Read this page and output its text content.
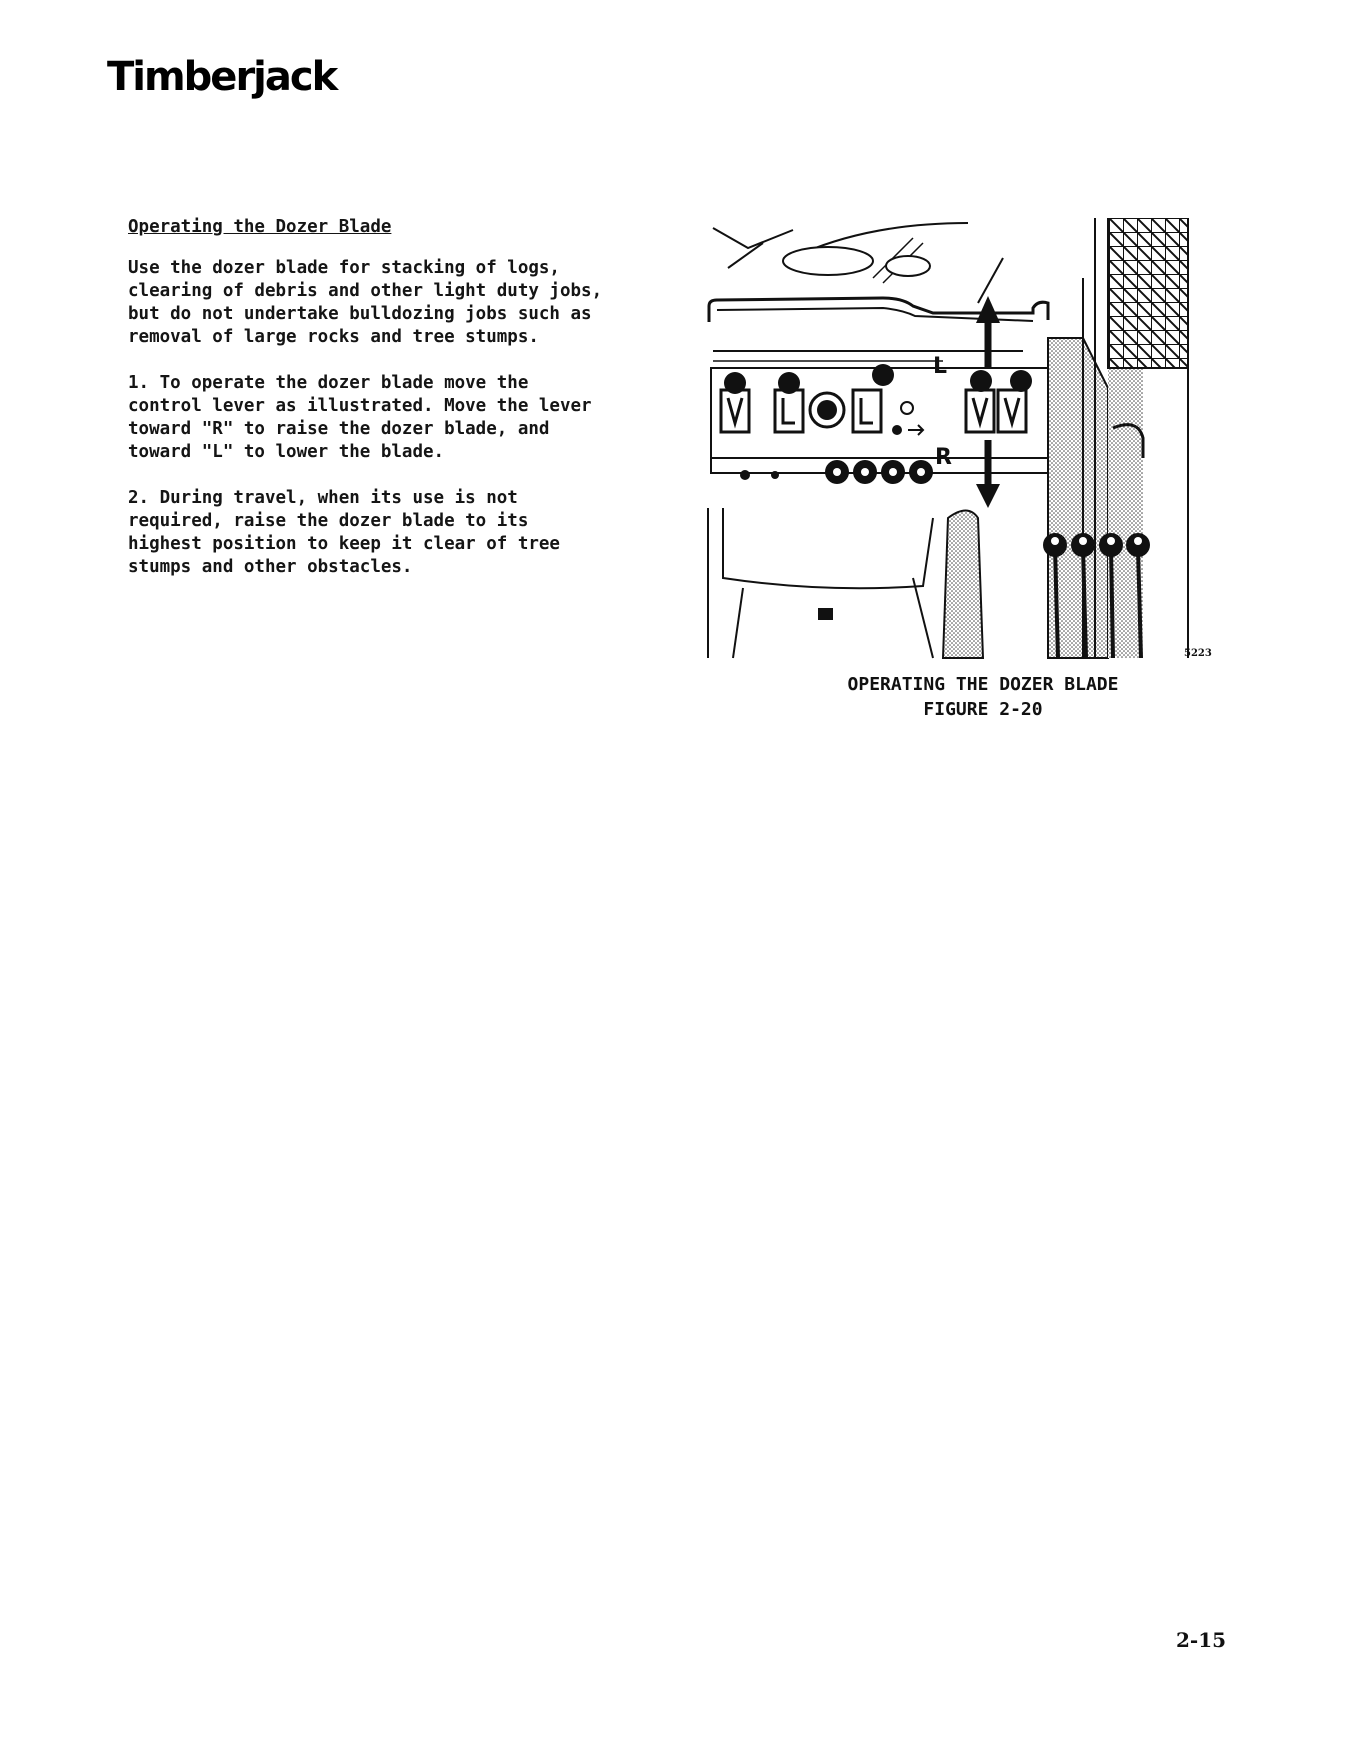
Timberjack
Operating the Dozer Blade
Use the dozer blade for stacking of logs,
clearing of debris and other light duty jobs,
but do not undertake bulldozing jobs such as
removal of large rocks and tree stumps.
1. To operate the dozer blade move the
control lever as illustrated. Move the lever
toward "R" to raise the dozer blade, and
toward "L" to lower the blade.
2. During travel, when its use is not
required, raise the dozer blade to its
highest position to keep it clear of tree
stumps and other obstacles.
L
R
5223
OPERATING THE DOZER BLADE
FIGURE 2-20
2-15
